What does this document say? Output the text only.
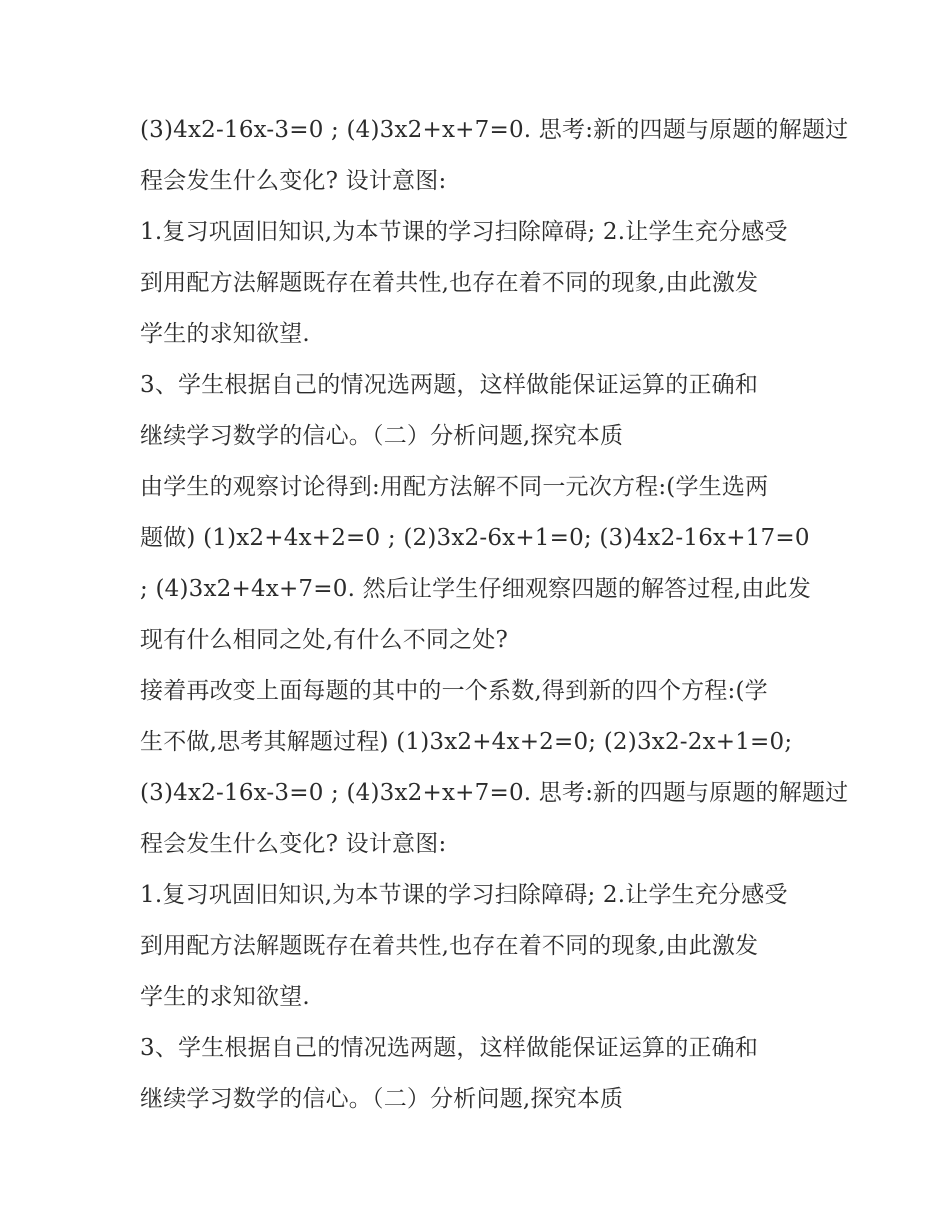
(3)4x2-16x-3=0 ; (4)3x2+x+7=0. 思考:新的四题与原题的解题过
程会发生什么变化? 设计意图:
1.复习巩固旧知识,为本节课的学习扫除障碍; 2.让学生充分感受
到用配方法解题既存在着共性,也存在着不同的现象,由此激发
学生的求知欲望.
3、学生根据自己的情况选两题，这样做能保证运算的正确和
继续学习数学的信心。（二）分析问题,探究本质
由学生的观察讨论得到:用配方法解不同一元次方程:(学生选两
题做) (1)x2+4x+2=0 ; (2)3x2-6x+1=0; (3)4x2-16x+17=0
; (4)3x2+4x+7=0. 然后让学生仔细观察四题的解答过程,由此发
现有什么相同之处,有什么不同之处?
接着再改变上面每题的其中的一个系数,得到新的四个方程:(学
生不做,思考其解题过程) (1)3x2+4x+2=0; (2)3x2-2x+1=0;
(3)4x2-16x-3=0 ; (4)3x2+x+7=0. 思考:新的四题与原题的解题过
程会发生什么变化? 设计意图:
1.复习巩固旧知识,为本节课的学习扫除障碍; 2.让学生充分感受
到用配方法解题既存在着共性,也存在着不同的现象,由此激发
学生的求知欲望.
3、学生根据自己的情况选两题，这样做能保证运算的正确和
继续学习数学的信心。（二）分析问题,探究本质
